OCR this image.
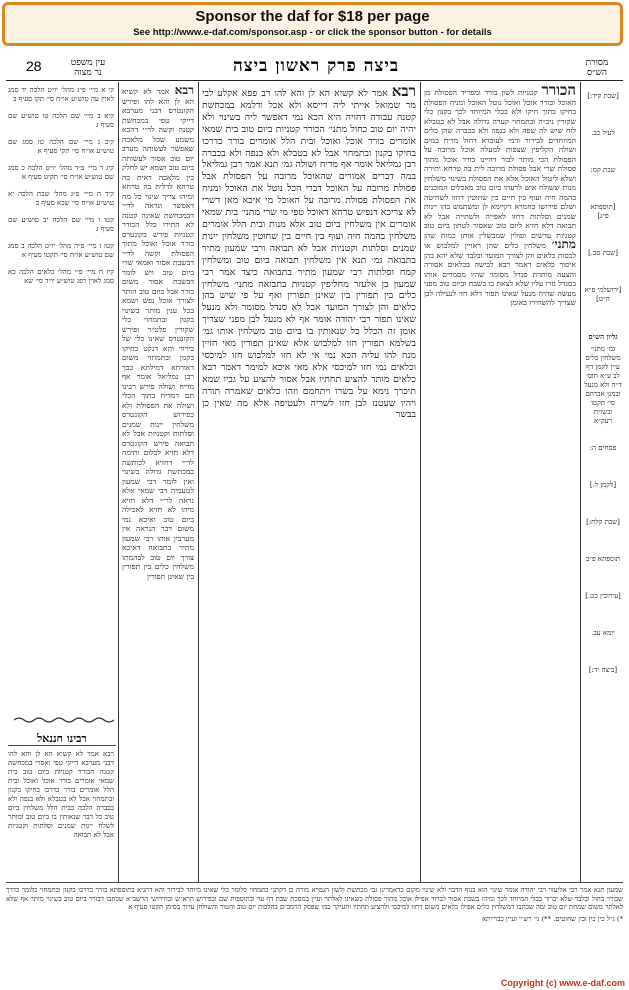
Sponsor the daf for $18 per page
See http://www.e-daf.com/sponsor.asp - or click the sponsor button - for details
28	עין משפט נר מצוה	ביצה פרק ראשון ביצה	מסורת הש״ס
קי א מיי׳ פ״ג מהל׳ יו״ט הלכה יד סמג לאוין עה טוש״ע או״ח סי׳ תקו סעיף ב
קיא ב מיי׳ שם הלכה טו טוש״ע שם סעיף ג
קיב ג מיי׳ שם הלכה טז סמג שם טוש״ע או״ח סי׳ תקי סעיף א
קיג ד מיי׳ פ״ד מהל׳ יו״ט הלכה כ סמג שם טוש״ע או״ח סי׳ תקיט סעיף א
קיד ה מיי׳ פ״ג מהל׳ שבת הלכה יא טוש״ע או״ח סי׳ שכא סעיף ב
קטו ו מיי׳ שם הלכה יב טוש״ע שם סעיף ג
קטז ז מיי׳ פ״ה מהל׳ יו״ט הלכה ב סמג שם טוש״ע או״ח סי׳ תקטו סעיף א
קיז ח מיי׳ פ״י מהל׳ כלאים הלכה כא סמג לאוין רפג טוש״ע יו״ד סי׳ שא
רבינו חננאל
רבא אמר לא קשיא הא לן והא להו דבני מערבא דייקי טפי ואסרי במכחשת קטנה הכורר קטניות ביום טוב בית שמאי אומרים בורר אוכל ואוכל ובית הלל אומרים בורר כדרכו בחיקו בקנון ובתמחוי אבל לא בטבלא ולא בנפה ולא בכברה הלכה כבית הלל משלחין ביום טוב כל דבר שנאותין בו ביום טוב ומותר לשלח יינות שמנים וסלתות וקטניות אבל לא תבואה
רבא אמר לא קשיא הא לן והא להו ופירש הקונטרס דבני מערבא דייקי טפי במכחשת קטנה וקשה לר״י דהכא משמע שכל מלאכה שאפשר לעשותה מערב יום טוב אסור לעשותה ביום טוב ושמא יש לחלק בין מלאכה דאית בה טרחא לדלית בה טרחא ומיהו צריך שינוי כל מה דאפשר ונראה לר״י דבמכחשת שאינה קטנה לא התירו כלל הכורר קטניות פירש בקונטרס בורר אוכל ואוכל מתוך הפסולת וקשה לר״י דבשבת אסור ואמאי שרי ביום טוב ויש לומר דבשבת אסור משום בורר אבל ביום טוב הותר לצורך אוכל נפש ושמא בכל ענין מותר בשינוי בקנון ובתמחוי כלי שקורין פלט״ר ופירש הקונטרס שאינו כלי של בירור והא דנקט בחיקו בקנון ובתמחוי משום דאורחא דמילתא בכך רבן גמליאל אומר אף מדיח ושולה פירש רבינו תם דמדיח בתוך הכלי ושולה את הפסולת ולא כפירוש הקונטרס משלחין יינות שמנים וסלתות וקטניות אבל לא תבואה פירש הקונטרס דלא חזיא לכלום ותימה לר״י דחזיא לכותשה במכתשת גדולה בשינוי ואין לומר דבי שמעון לטעמיה דבי שמאי אלא נראה לר״י דלא חזיא מיהו לא חזיא לאכילה ביום טוב ואיכא נמי משום דבר הנראה אין מערבין אותו רבי שמעון מתיר בתבואה דאיכא צורך יום טוב לבהמתו משלחין כלים בין תפורין בין שאינן תפורין
רבא אמר לא קשיא הא לן והא להו רב פפא אקלע לבי מר שמואל אייתי ליה דייסא ולא אכל ודלמא במכחשת קטנה עבודה דחויה היא הכא נמי דאפשר ליה בשינוי ולא יהיה יום טוב כחול מתני׳ הכורר קטניות ביום טוב בית שמאי אומרים בורר אוכל ואוכל ובית הלל אומרים בורר כדרכו בחיקו בקנון ובתמחוי אבל לא בטבלא ולא בנפה ולא בכברה רבן גמליאל אומר אף מדיח ושולה גמ׳ תנא אמר רבן גמליאל במה דברים אמורים שהאוכל מרובה על הפסולת אבל פסולת מרובה על האוכל דברי הכל נוטל את האוכל ומניח את הפסולת פסולת מרובה על האוכל מי איכא מאן דשרי לא צריכא דנפיש טרחא דאוכל טפי מי שרי מתני׳ בית שמאי אומרים אין משלחין ביום טוב אלא מנות ובית הלל אומרים משלחין בהמה חיה ועוף בין חיים בין שחוטין משלחין יינות שמנים וסלתות וקטניות אבל לא תבואה ורבי שמעון מתיר בתבואה גמ׳ תנא אין משלחין תבואה ביום טוב ומשלחין קמח וסלתות רבי שמעון מתיר בתבואה כיצד אמר רבי שמעון בן אלעזר מחליפין קטניות בתבואה מתני׳ משלחין כלים בין תפורין בין שאינן תפורין ואף על פי שיש בהן כלאים והן לצורך המועד אבל לא סנדל מסומר ולא מנעל שאינו תפור רבי יהודה אומר אף לא מנעל לבן מפני שצריך אומן זה הכלל כל שנאותין בו ביום טוב משלחין אותו גמ׳ בשלמא תפורין חזו למלבוש אלא שאינן תפורין מאי חזיין מנח להו עליה הכא נמי אי לא חזו למלבוש חזו למיכסי וכלאים נמי חזו למיכסי אלא מאי איכא למימר דאמר רבא כלאים מותר להציע תחתיו אבל אסור להציע על גביו שמא תיכרך נימא על בשרו ויתחמם וזהו כלאים שאמרה תורה ויהיו שעטנז לבן חזו לשריה ולעטיפה אלא מה שאין כן בבשר
הכורר קטניות לשון בורר ומפריד הפסולת מן האוכל ובורר אוכל ואוכל נוטל האוכל ומניח הפסולת בחיקו בתוך חיקו ולא בכלי המיוחד לכך בקנון כלי שקורין ניכ״ה ובתמחוי קערה גדולה אבל לא בטבלא לוח שיש לה שפה ולא בנפה ולא בכברה שהן כלים המיוחדים לבירור ודמי לעובדא דחול מדיח במים ושולה הקליפין שצפות למעלה אוכל מרובה על הפסולת הכי מותר לבור דהיינו בורר אוכל מתוך פסולת שרי אבל פסולת מרובה לית בה טרחא יתירה ושלא ליטול האוכל אלא את הפסולת בשינוי משלחין מנות ששולח איש לרעהו ביום טוב מאכלים המוכנים בהמה חיה ועוף בין חיים בין שחוטין דחזו לשחיטה ושלם פירושו כחמרא דקיימא לן ומשתמש בהו יינות שמנים וסלתות דחזו לאפייה ולשתייה אבל לא תבואה דלא חזיא ליום טוב שאסור לטחון ביום טוב קטניות עדשים ופולין שמבשלין אותן כמות שהן מתני׳ משלחין כלים שהן ראויין למלבוש או לכסות כלאים והן לצורך המועד ובלבד שלא יהא בהן איסור כלאים דאמר רבא לבישה בכלאים אסורה והצעה מותרת סנדל מסומר שהיו מסמרים אותו בסנדל גזרו עליו שלא לצאת בו בשבת וביום טוב מפני מעשה שהיה מנעל שאינו תפור דלא חזי לנעילה לבן שצריך להשחירו באומן
[שבת קיד:]
לעיל כב.
שבת קמ:
[תוספתא פ״ג]
[שבת סב.]
[ירושלמי פ״א ה״ט]
גליון הש״ס
גמ׳ מתני׳ משלחין כלים עיין לקמן דף לב ע״א תוס׳ ד״ה ולא מנעל ובמגן אברהם סי׳ תקטו ובשו״ת רעק״א
פסחים ה:
[לקמן ל.]
[שבת קלח:]
תוספתא פ״ב
[עירובין כט.]
יומא עב.
[ביצה יד:]
שמעון תנא אמר רבי אליעזר רבי יהודה אומר שינוי הוא בגוף הדבר ולא שינוי מקום כדאמרינן גבי מכתשת ולשון הגמרא מורה כן דקתני בתמחוי כלומר כלי שאינו מיוחד לבירור והא דתניא בתוספתא בורר כדרכו בקנון ובתמחוי כלומר כדרך שבורר בחול ובלבד שלא יברור בכלי המיוחד לכך ומיהו בשבת אסור לברור אפילו אוכל מתוך פסולת כשאינו לאלתר ועיין במסכת שבת דף עד ובתוספות שם ובפירוש הרא״ש ובחידושי הרשב״א שכתבו דבורר ביום טוב בשינוי מותר אף שלא לאלתר משום שמחת יום טוב ומה שכתבו דמשלחין כלים אפילו כלאים משום דחזו למיכסי ולהציע תחתיו והעיקר כמו שפסק הרמב״ם בהלכות יום טוב והטור והשולחן ערוך בסימן תקטו סעיף א
*) ג״ל כין כין ובין שחוטים. **) גי׳ רש״י ועיין כברייתא
Copyright (c) www.e-daf.com
